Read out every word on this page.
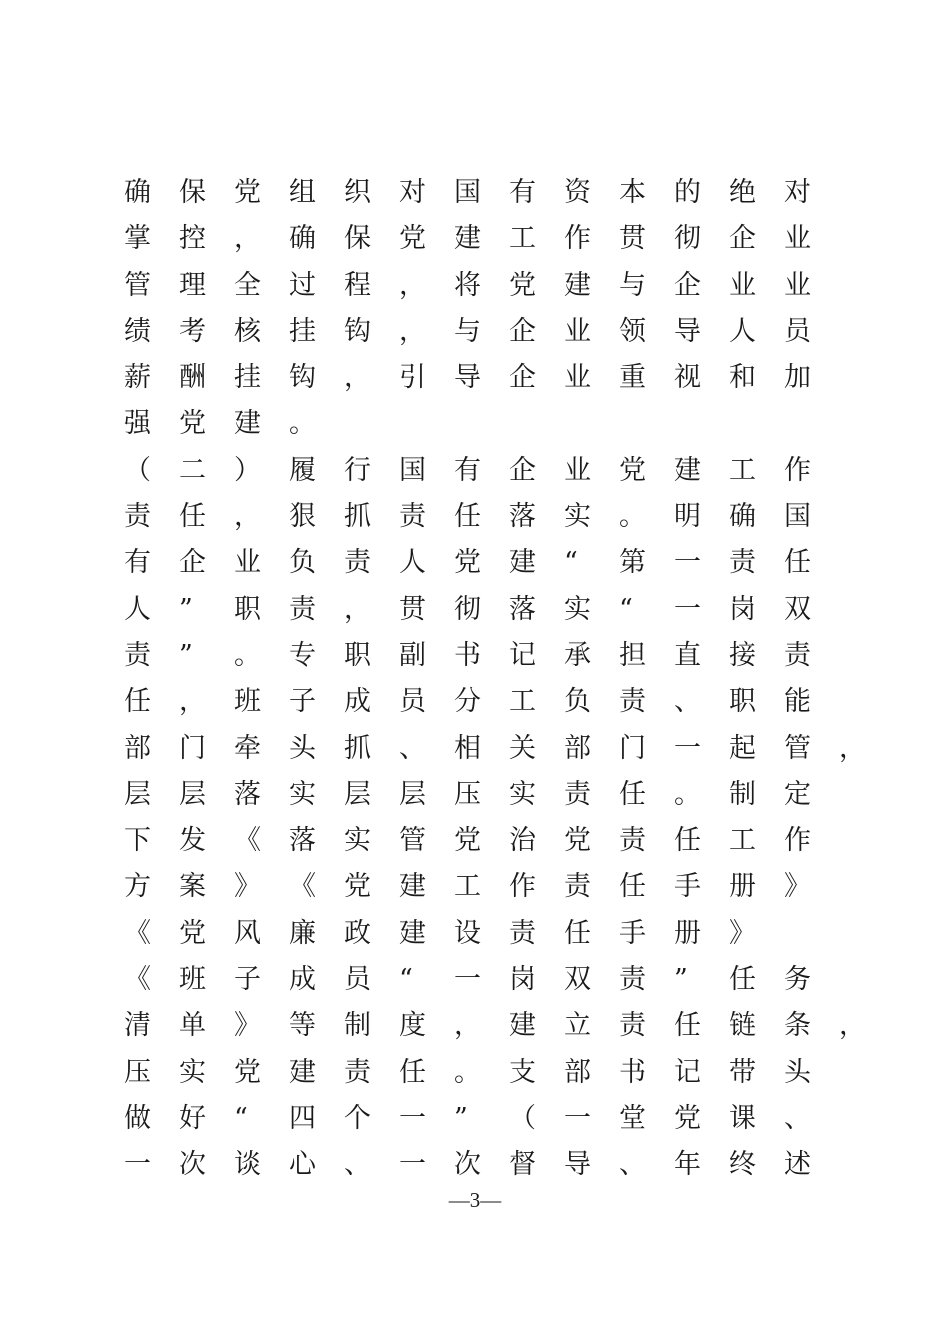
确 保 党 组 织 对 国 有 资 本 的 绝 对
掌 控 ， 确 保 党 建 工 作 贯 彻 企 业
管 理 全 过 程 ， 将 党 建 与 企 业 业
绩 考 核 挂 钩 ， 与 企 业 领 导 人 员
薪 酬 挂 钩 ， 引 导 企 业 重 视 和 加
强 党 建 。
（ 二 ） 履 行 国 有 企 业 党 建 工 作
责 任 ， 狠 抓 责 任 落 实 。 明 确 国
有 企 业 负 责 人 党 建 “ 第 一 责 任
人 ” 职 责 ， 贯 彻 落 实 “ 一 岗 双
责 ” 。 专 职 副 书 记 承 担 直 接 责
任 ， 班 子 成 员 分 工 负 责 、 职 能
部 门 牵 头 抓 、 相 关 部 门 一 起 管 ，
层 层 落 实 层 层 压 实 责 任 。 制 定
下 发 《 落 实 管 党 治 党 责 任 工 作
方 案 》 《 党 建 工 作 责 任 手 册 》
《 党 风 廉 政 建 设 责 任 手 册 》
《 班 子 成 员 “ 一 岗 双 责 ” 任 务
清 单 》 等 制 度 ， 建 立 责 任 链 条 ，
压 实 党 建 责 任 。 支 部 书 记 带 头
做 好 “ 四 个 一 ” （ 一 堂 党 课 、
一 次 谈 心 、 一 次 督 导 、 年 终 述
—3—
